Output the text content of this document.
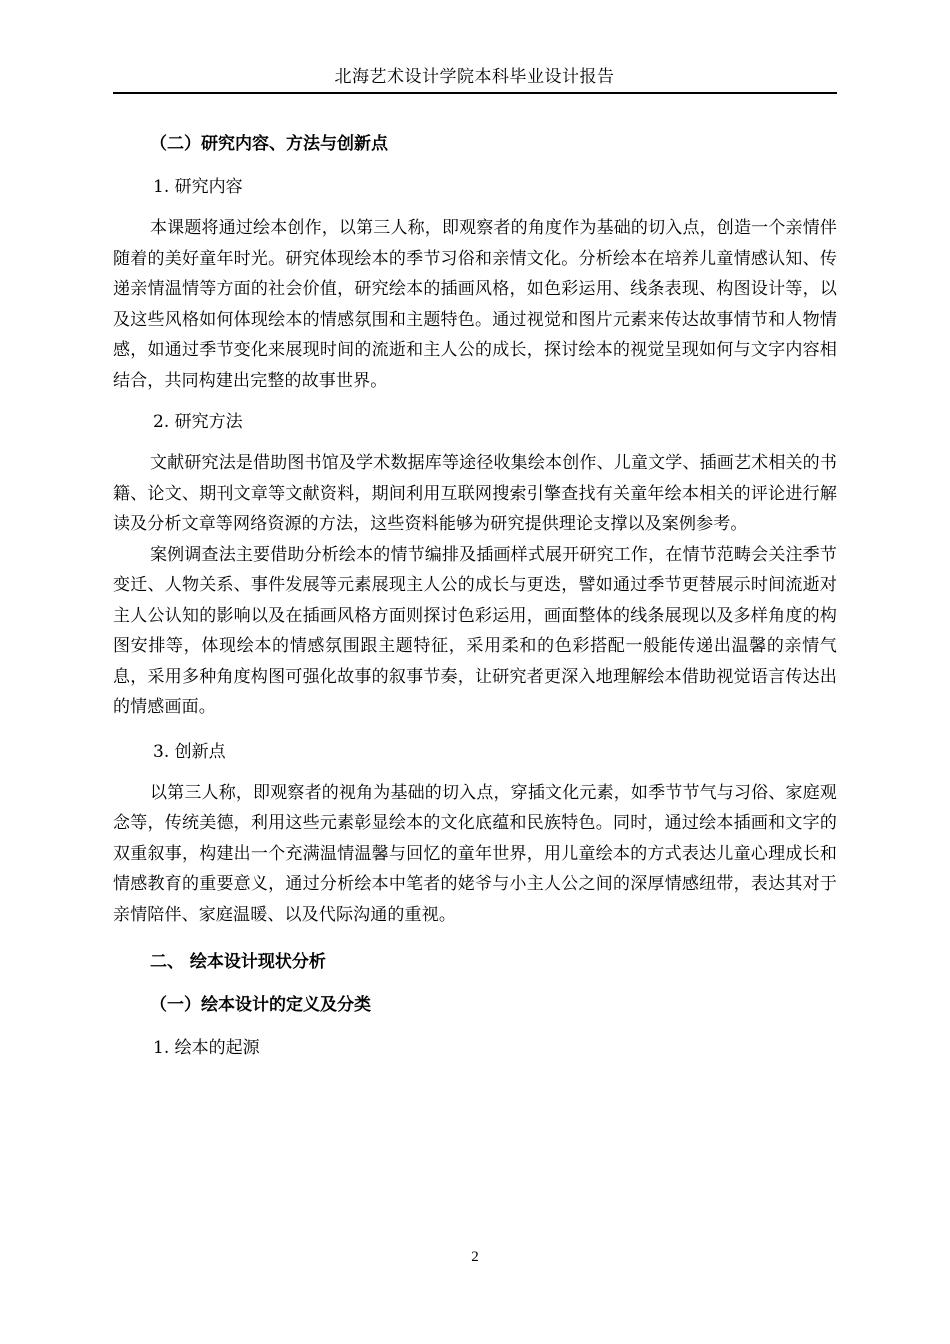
北海艺术设计学院本科毕业设计报告
（二）研究内容、方法与创新点
1. 研究内容
本课题将通过绘本创作，以第三人称，即观察者的角度作为基础的切入点，创造一个亲情伴随着的美好童年时光。研究体现绘本的季节习俗和亲情文化。分析绘本在培养儿童情感认知、传递亲情温情等方面的社会价值，研究绘本的插画风格，如色彩运用、线条表现、构图设计等，以及这些风格如何体现绘本的情感氛围和主题特色。通过视觉和图片元素来传达故事情节和人物情感，如通过季节变化来展现时间的流逝和主人公的成长，探讨绘本的视觉呈现如何与文字内容相结合，共同构建出完整的故事世界。
2. 研究方法
文献研究法是借助图书馆及学术数据库等途径收集绘本创作、儿童文学、插画艺术相关的书籍、论文、期刊文章等文献资料，期间利用互联网搜索引擎查找有关童年绘本相关的评论进行解读及分析文章等网络资源的方法，这些资料能够为研究提供理论支撑以及案例参考。
案例调查法主要借助分析绘本的情节编排及插画样式展开研究工作，在情节范畴会关注季节变迁、人物关系、事件发展等元素展现主人公的成长与更迭，譬如通过季节更替展示时间流逝对主人公认知的影响以及在插画风格方面则探讨色彩运用，画面整体的线条展现以及多样角度的构图安排等，体现绘本的情感氛围跟主题特征，采用柔和的色彩搭配一般能传递出温馨的亲情气息，采用多种角度构图可强化故事的叙事节奏，让研究者更深入地理解绘本借助视觉语言传达出的情感画面。
3. 创新点
以第三人称，即观察者的视角为基础的切入点，穿插文化元素，如季节节气与习俗、家庭观念等，传统美德，利用这些元素彰显绘本的文化底蕴和民族特色。同时，通过绘本插画和文字的双重叙事，构建出一个充满温情温馨与回忆的童年世界，用儿童绘本的方式表达儿童心理成长和情感教育的重要意义，通过分析绘本中笔者的姥爷与小主人公之间的深厚情感纽带，表达其对于亲情陪伴、家庭温暖、以及代际沟通的重视。
二、 绘本设计现状分析
（一）绘本设计的定义及分类
1. 绘本的起源
2
